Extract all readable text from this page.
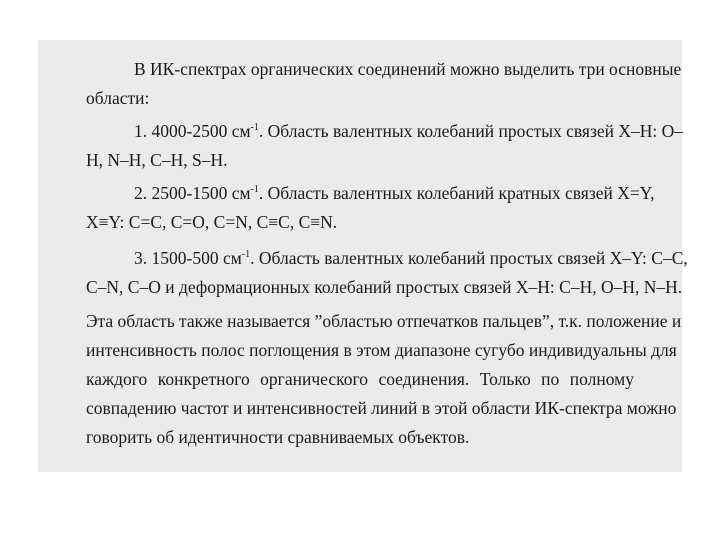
В ИК-спектрах органических соединений можно выделить три основные
области:
1. 4000-2500 $см^{-1}$. Область валентных колебаний простых связей X–H: O–
H, N–H, C–H, S–H.
2. 2500-1500 $см^{-1}$. Область валентных колебаний кратных связей X=Y,
X≡Y: C=C, C=O, C=N, C≡C, C≡N.
3. 1500-500 $см^{-1}$. Область валентных колебаний простых связей X–Y: C–C,
C–N, C–O и деформационных колебаний простых связей X–H: C–H, O–H, N–H.
Эта область также называется ”областью отпечатков пальцев”, т.к. положение и
интенсивность полос поглощения в этом диапазоне сугубо индивидуальны для
каждого конкретного органического соединения. Только по полному
совпадению частот и интенсивностей линий в этой области ИК-спектра можно
говорить об идентичности сравниваемых объектов.
